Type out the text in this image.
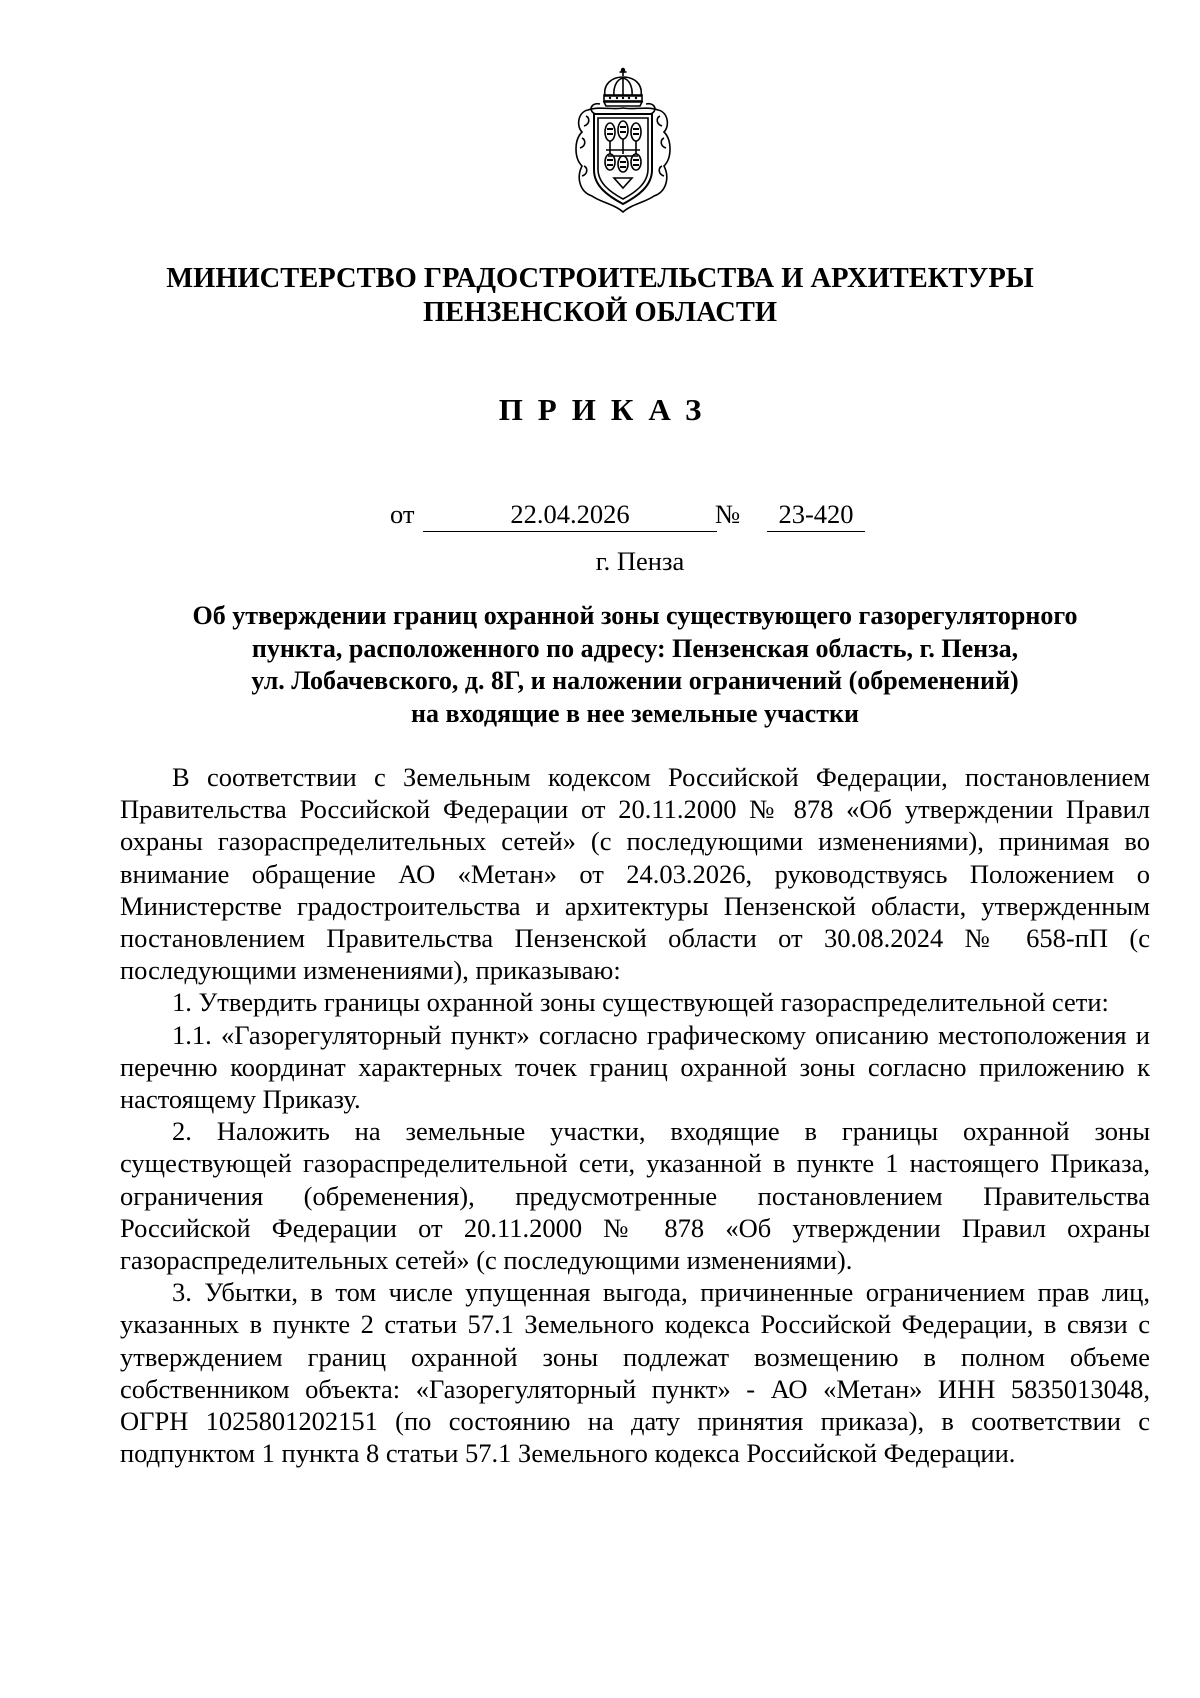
МИНИСТЕРСТВО ГРАДОСТРОИТЕЛЬСТВА И АРХИТЕКТУРЫ
ПЕНЗЕНСКОЙ ОБЛАСТИ
ПРИКАЗ
от	22.04.2026	№	23-420
г. Пенза
Об утверждении границ охранной зоны существующего газорегуляторного
пункта, расположенного по адресу: Пензенская область, г. Пенза,
ул. Лобачевского, д. 8Г, и наложении ограничений (обременений)
на входящие в нее земельные участки

В соответствии с Земельным кодексом Российской Федерации, постановлением Правительства Российской Федерации от 20.11.2000 № 878 «Об утверждении Правил охраны газораспределительных сетей» (с последующими изменениями), принимая во внимание обращение АО «Метан» от 24.03.2026, руководствуясь Положением о Министерстве градостроительства и архитектуры Пензенской области, утвержденным постановлением Правительства Пензенской области от 30.08.2024 № 658-пП (с последующими изменениями), приказываю:

1. Утвердить границы охранной зоны существующей газораспределительной сети:

1.1. «Газорегуляторный пункт» согласно графическому описанию местоположения и перечню координат характерных точек границ охранной зоны согласно приложению к настоящему Приказу.

2. Наложить на земельные участки, входящие в границы охранной зоны существующей газораспределительной сети, указанной в пункте 1 настоящего Приказа, ограничения (обременения), предусмотренные постановлением Правительства Российской Федерации от 20.11.2000 № 878 «Об утверждении Правил охраны газораспределительных сетей» (с последующими изменениями).

3. Убытки, в том числе упущенная выгода, причиненные ограничением прав лиц, указанных в пункте 2 статьи 57.1 Земельного кодекса Российской Федерации, в связи с утверждением границ охранной зоны подлежат возмещению в полном объеме собственником объекта: «Газорегуляторный пункт» - АО «Метан» ИНН 5835013048, ОГРН 1025801202151 (по состоянию на дату принятия приказа), в соответствии с подпунктом 1 пункта 8 статьи 57.1 Земельного кодекса Российской Федерации.
